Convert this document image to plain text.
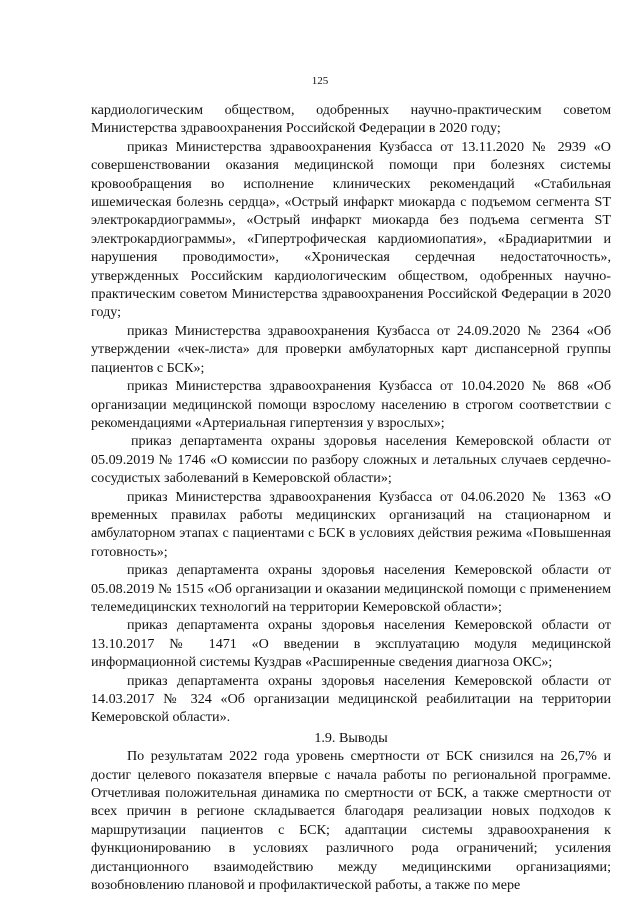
125

кардиологическим обществом, одобренных научно-практическим советом Министерства здравоохранения Российской Федерации в 2020 году;

приказ Министерства здравоохранения Кузбасса от 13.11.2020 № 2939 «О совершенствовании оказания медицинской помощи при болезнях системы кровообращения во исполнение клинических рекомендаций «Стабильная ишемическая болезнь сердца», «Острый инфаркт миокарда с подъемом сегмента ST электрокардиограммы», «Острый инфаркт миокарда без подъема сегмента ST электрокардиограммы», «Гипертрофическая кардиомиопатия», «Брадиаритмии и нарушения проводимости», «Хроническая сердечная недостаточность», утвержденных Российским кардиологическим обществом, одобренных научно-практическим советом Министерства здравоохранения Российской Федерации в 2020 году;

приказ Министерства здравоохранения Кузбасса от 24.09.2020 № 2364 «Об утверждении «чек-листа» для проверки амбулаторных карт диспансерной группы пациентов с БСК»;

приказ Министерства здравоохранения Кузбасса от 10.04.2020 № 868 «Об организации медицинской помощи взрослому населению в строгом соответствии с рекомендациями «Артериальная гипертензия у взрослых»;

приказ департамента охраны здоровья населения Кемеровской области от 05.09.2019 № 1746 «О комиссии по разбору сложных и летальных случаев сердечно-сосудистых заболеваний в Кемеровской области»;

приказ Министерства здравоохранения Кузбасса от 04.06.2020 № 1363 «О временных правилах работы медицинских организаций на стационарном и амбулаторном этапах с пациентами с БСК в условиях действия режима «Повышенная готовность»;

приказ департамента охраны здоровья населения Кемеровской области от 05.08.2019 № 1515 «Об организации и оказании медицинской помощи с применением телемедицинских технологий на территории Кемеровской области»;

приказ департамента охраны здоровья населения Кемеровской области от 13.10.2017 № 1471 «О введении в эксплуатацию модуля медицинской информационной системы Куздрав «Расширенные сведения диагноза ОКС»;

приказ департамента охраны здоровья населения Кемеровской области от 14.03.2017 № 324 «Об организации медицинской реабилитации на территории Кемеровской области».

1.9. Выводы

По результатам 2022 года уровень смертности от БСК снизился на 26,7% и достиг целевого показателя впервые с начала работы по региональной программе. Отчетливая положительная динамика по смертности от БСК, а также смертности от всех причин в регионе складывается благодаря реализации новых подходов к маршрутизации пациентов с БСК; адаптации системы здравоохранения к функционированию в условиях различного рода ограничений; усиления дистанционного взаимодействию между медицинскими организациями; возобновлению плановой и профилактической работы, а также по мере
